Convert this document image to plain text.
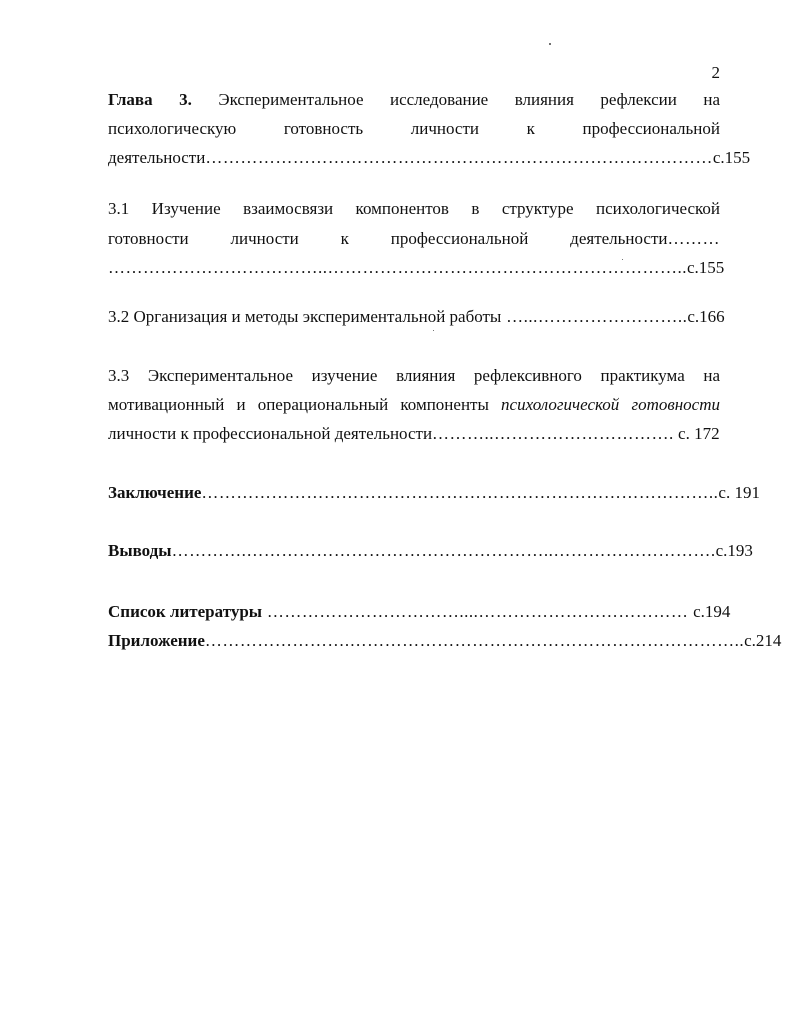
2
Глава 3. Экспериментальное исследование влияния рефлексии на
психологическую готовность личности к профессиональной
деятельности……………………………………………………………………………с.155
3.1 Изучение взаимосвязи компонентов в структуре психологической
готовности личности к профессиональной деятельности………
………………………………..……………………………………………………..с.155
3.2 Организация и методы экспериментальной работы …...……………………..с.166
3.3 Экспериментальное изучение влияния рефлексивного практикума на
мотивационный и операциональный компоненты психологической готовности
личности к профессиональной деятельности………..…………………………. с. 172
Заключение……………………………………………………………………………..с. 191
Выводы………….……………………………………………..……………………….с.193
Список литературы ……………………………....……………………………… с.194
Приложение…………………….…………………………………………………………..с.214
